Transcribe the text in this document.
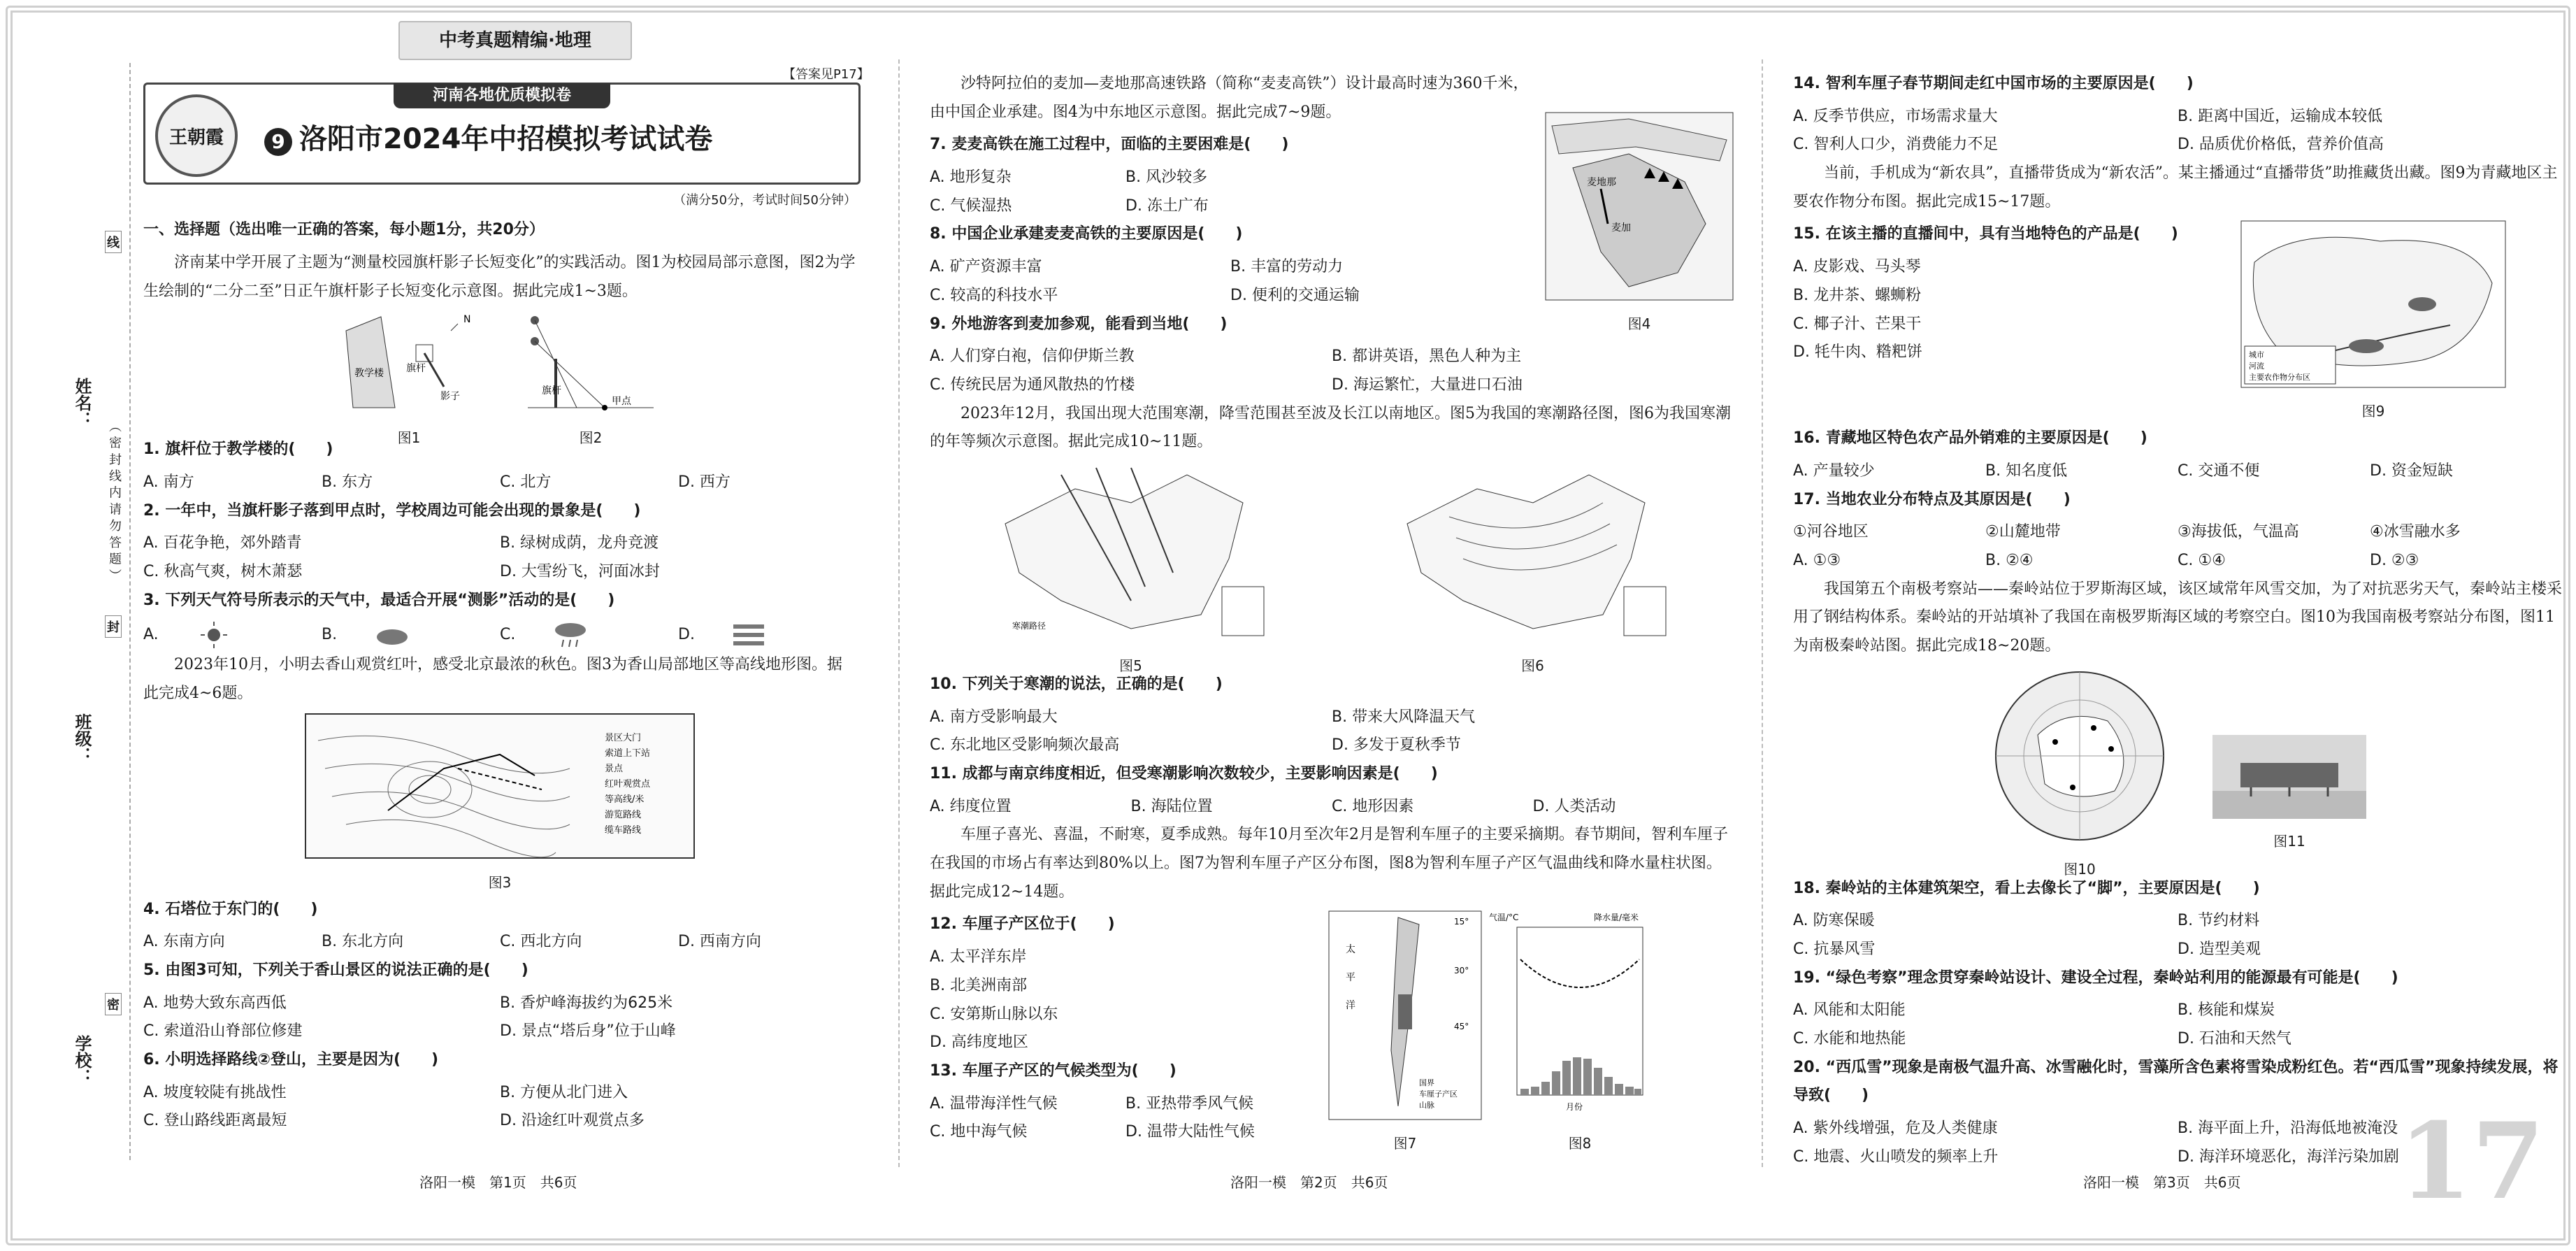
中考真题精编·地理
学校：
班级：
姓名：
（ 密 封 线 内 请 勿 答 题 ）
线
封
密
【答案见P17】
河南各地优质模拟卷
王朝霞	9 洛阳市2024年中招模拟考试试卷

（满分50分，考试时间50分钟）

一、选择题（选出唯一正确的答案，每小题1分，共20分）

济南某中学开展了主题为“测量校园旗杆影子长短变化”的实践活动。图1为校园局部示意图，图2为学生绘制的“二分二至”日正午旗杆影子长短变化示意图。据此完成1~3题。

教学楼 旗杆
影子
N
图1
旗杆
甲点
图2

1. 旗杆位于教学楼的(　　)

A. 南方	B. 东方	C. 北方	D. 西方

2. 一年中，当旗杆影子落到甲点时，学校周边可能会出现的景象是(　　)

A. 百花争艳，郊外踏青	B. 绿树成荫，龙舟竞渡
C. 秋高气爽，树木萧瑟	D. 大雪纷飞，河面冰封

3. 下列天气符号所表示的天气中，最适合开展“测影”活动的是(　　)

A.	B.	C.	D.

2023年10月，小明去香山观赏红叶，感受北京最浓的秋色。图3为香山局部地区等高线地形图。据此完成4~6题。

景区大门
索道上下站
景点
红叶观赏点
等高线/米
游览路线
缆车路线
图3

4. 石塔位于东门的(　　)

A. 东南方向	B. 东北方向	C. 西北方向	D. 西南方向

5. 由图3可知，下列关于香山景区的说法正确的是(　　)

A. 地势大致东高西低	B. 香炉峰海拔约为625米
C. 索道沿山脊部位修建	D. 景点“塔后身”位于山峰

6. 小明选择路线②登山，主要是因为(　　)

A. 坡度较陡有挑战性	B. 方便从北门进入
C. 登山路线距离最短	D. 沿途红叶观赏点多
洛阳一模　第1页　共6页
麦地那
麦加
图4

沙特阿拉伯的麦加—麦地那高速铁路（简称“麦麦高铁”）设计最高时速为360千米，由中国企业承建。图4为中东地区示意图。据此完成7~9题。

7. 麦麦高铁在施工过程中，面临的主要困难是(　　)

A. 地形复杂	B. 风沙较多
C. 气候湿热	D. 冻土广布

8. 中国企业承建麦麦高铁的主要原因是(　　)

A. 矿产资源丰富	B. 丰富的劳动力
C. 较高的科技水平	D. 便利的交通运输

9. 外地游客到麦加参观，能看到当地(　　)

A. 人们穿白袍，信仰伊斯兰教	B. 都讲英语，黑色人种为主
C. 传统民居为通风散热的竹楼	D. 海运繁忙，大量进口石油

2023年12月，我国出现大范围寒潮，降雪范围甚至波及长江以南地区。图5为我国的寒潮路径图，图6为我国寒潮的年等频次示意图。据此完成10~11题。

寒潮路径
图5	图6

10. 下列关于寒潮的说法，正确的是(　　)

A. 南方受影响最大	B. 带来大风降温天气
C. 东北地区受影响频次最高	D. 多发于夏秋季节

11. 成都与南京纬度相近，但受寒潮影响次数较少，主要影响因素是(　　)

A. 纬度位置	B. 海陆位置	C. 地形因素	D. 人类活动

车厘子喜光、喜温，不耐寒，夏季成熟。每年10月至次年2月是智利车厘子的主要采摘期。春节期间，智利车厘子在我国的市场占有率达到80%以上。图7为智利车厘子产区分布图，图8为智利车厘子产区气温曲线和降水量柱状图。据此完成12~14题。

12. 车厘子产区位于(　　)

A. 太平洋东岸
B. 北美洲南部
C. 安第斯山脉以东
D. 高纬度地区

13. 车厘子产区的气候类型为(　　)

A. 温带海洋性气候	B. 亚热带季风气候
C. 地中海气候	D. 温带大陆性气候
15°
30°
45°
太
平
洋
国界
车厘子产区
山脉
图7
气温/°C	降水量/毫米
月份
图8
洛阳一模　第2页　共6页

14. 智利车厘子春节期间走红中国市场的主要原因是(　　)

A. 反季节供应，市场需求量大	B. 距离中国近，运输成本较低
C. 智利人口少，消费能力不足	D. 品质优价格低，营养价值高

当前，手机成为“新农具”，直播带货成为“新农活”。某主播通过“直播带货”助推藏货出藏。图9为青藏地区主要农作物分布图。据此完成15~17题。

15. 在该主播的直播间中，具有当地特色的产品是(　　)

A. 皮影戏、马头琴
B. 龙井茶、螺蛳粉
C. 椰子汁、芒果干
D. 牦牛肉、糌粑饼	城市
河流
主要农作物分布区
图9

16. 青藏地区特色农产品外销难的主要原因是(　　)

A. 产量较少	B. 知名度低	C. 交通不便	D. 资金短缺

17. 当地农业分布特点及其原因是(　　)

①河谷地区	②山麓地带	③海拔低，气温高	④冰雪融水多
A. ①③	B. ②④	C. ①④	D. ②③

我国第五个南极考察站——秦岭站位于罗斯海区域，该区域常年风雪交加，为了对抗恶劣天气，秦岭站主楼采用了钢结构体系。秦岭站的开站填补了我国在南极罗斯海区域的考察空白。图10为我国南极考察站分布图，图11为南极秦岭站图。据此完成18~20题。

图10
图11

18. 秦岭站的主体建筑架空，看上去像长了“脚”，主要原因是(　　)

A. 防寒保暖	B. 节约材料
C. 抗暴风雪	D. 造型美观

19. “绿色考察”理念贯穿秦岭站设计、建设全过程，秦岭站利用的能源最有可能是(　　)

A. 风能和太阳能	B. 核能和煤炭
C. 水能和地热能	D. 石油和天然气

20. “西瓜雪”现象是南极气温升高、冰雪融化时，雪藻所含色素将雪染成粉红色。若“西瓜雪”现象持续发展，将导致(　　)

A. 紫外线增强，危及人类健康	B. 海平面上升，沿海低地被淹没
C. 地震、火山喷发的频率上升	D. 海洋环境恶化，海洋污染加剧
洛阳一模　第3页　共6页 17
